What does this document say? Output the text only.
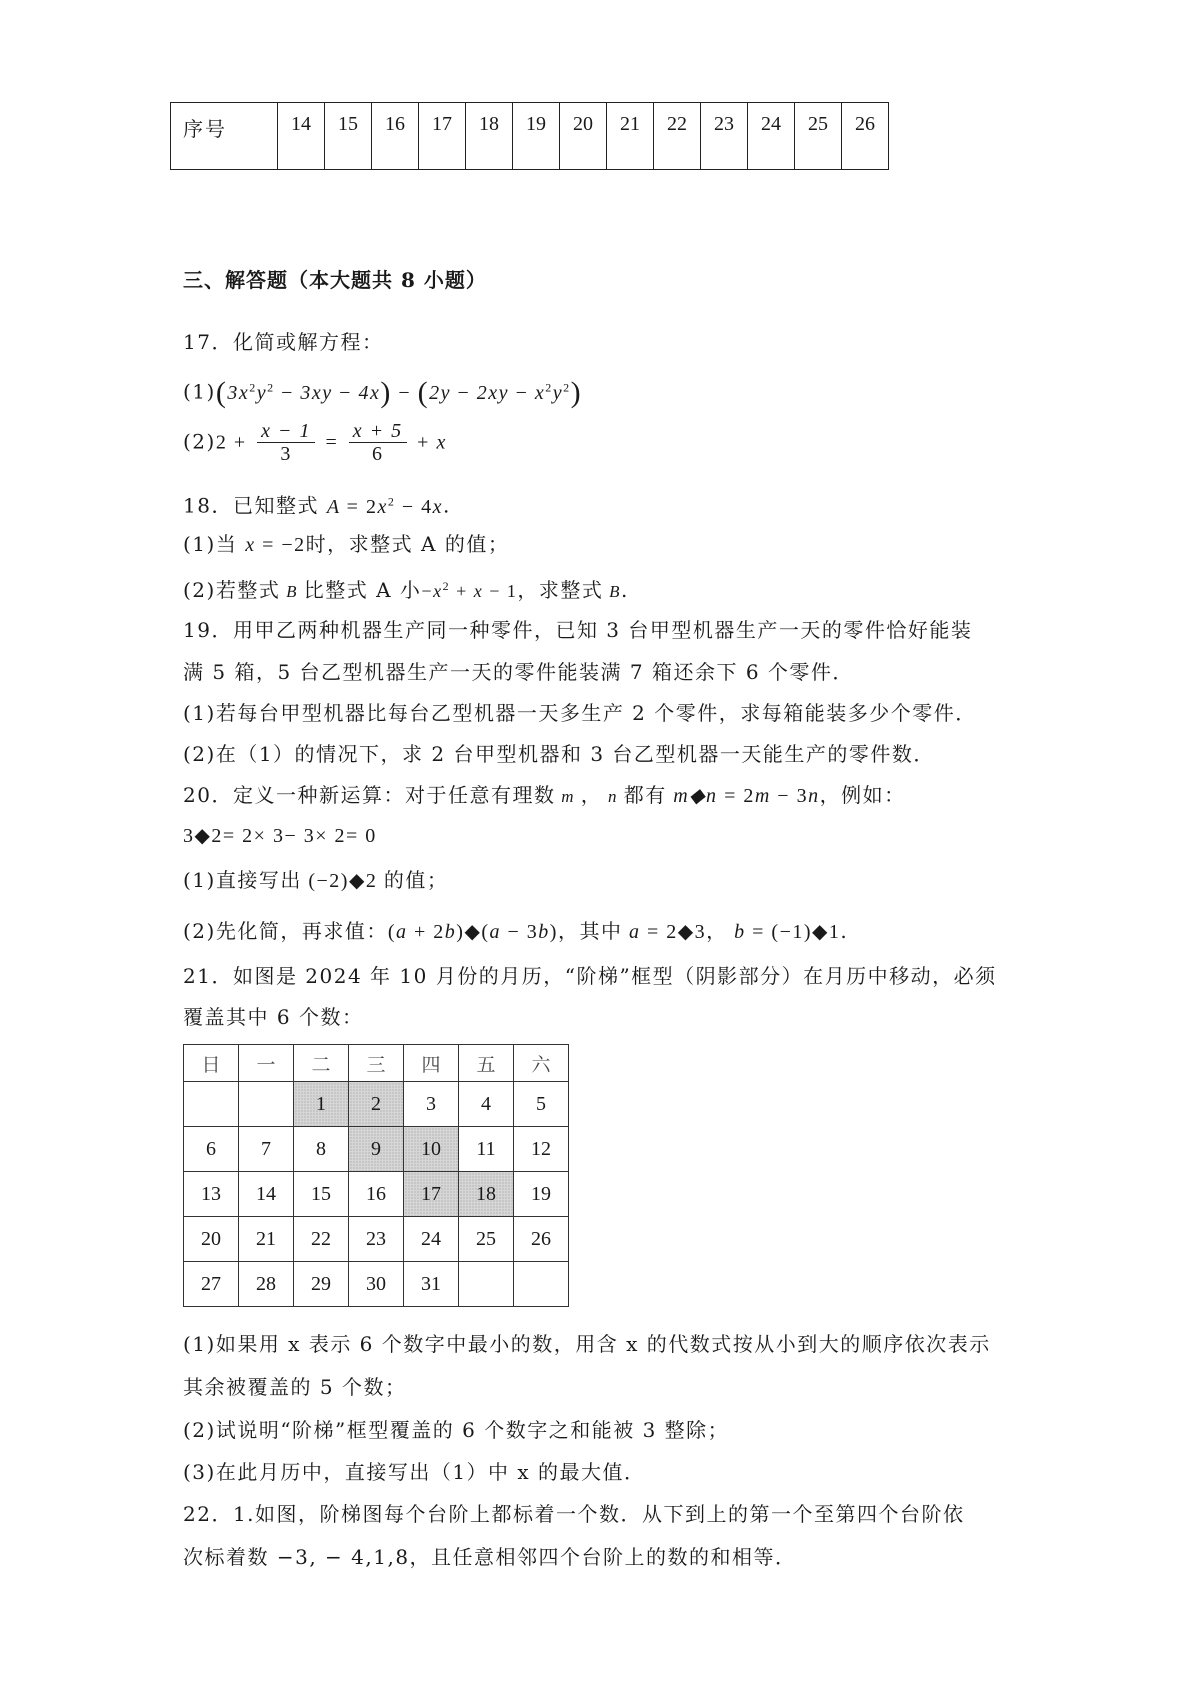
序号	14	15	16	17	18	19	20	21	22	23	24	25	26
三、解答题（本大题共 8 小题）
17．化简或解方程：
$(1)(3x^2y^2 - 3xy - 4x) - (2y - 2xy - x^2y^2)$
$(2)2 + \frac{x - 1}{3} = \frac{x + 5}{6} + x$
18．已知整式 $A = 2x^2 - 4x$.
(1)当 x = −2时，求整式 A 的值；
(2)若整式 B 比整式 A 小$-x^2 + x - 1$，求整式 B.
19．用甲乙两种机器生产同一种零件，已知 3 台甲型机器生产一天的零件恰好能装
满 5 箱，5 台乙型机器生产一天的零件能装满 7 箱还余下 6 个零件．
(1)若每台甲型机器比每台乙型机器一天多生产 2 个零件，求每箱能装多少个零件．
(2)在（1）的情况下，求 2 台甲型机器和 3 台乙型机器一天能生产的零件数．
20．定义一种新运算：对于任意有理数 m ， n 都有 m◆n = 2m − 3n，例如：
3◆2= 2× 3− 3× 2= 0
(1)直接写出 (−2)◆2 的值；
(2)先化简，再求值：(a + 2b)◆(a − 3b)，其中 a = 2◆3， b = (−1)◆1.
21．如图是 2024 年 10 月份的月历，“阶梯”框型（阴影部分）在月历中移动，必须
覆盖其中 6 个数：
日	一	二	三	四	五	六
		1	2	3	4	5
6	7	8	9	10	11	12
13	14	15	16	17	18	19
20	21	22	23	24	25	26
27	28	29	30	31		
(1)如果用 x 表示 6 个数字中最小的数，用含 x 的代数式按从小到大的顺序依次表示
其余被覆盖的 5 个数；
(2)试说明“阶梯”框型覆盖的 6 个数字之和能被 3 整除；
(3)在此月历中，直接写出（1）中 x 的最大值．
22．1.如图，阶梯图每个台阶上都标着一个数．从下到上的第一个至第四个台阶依
次标着数 −3, − 4,1,8，且任意相邻四个台阶上的数的和相等．
